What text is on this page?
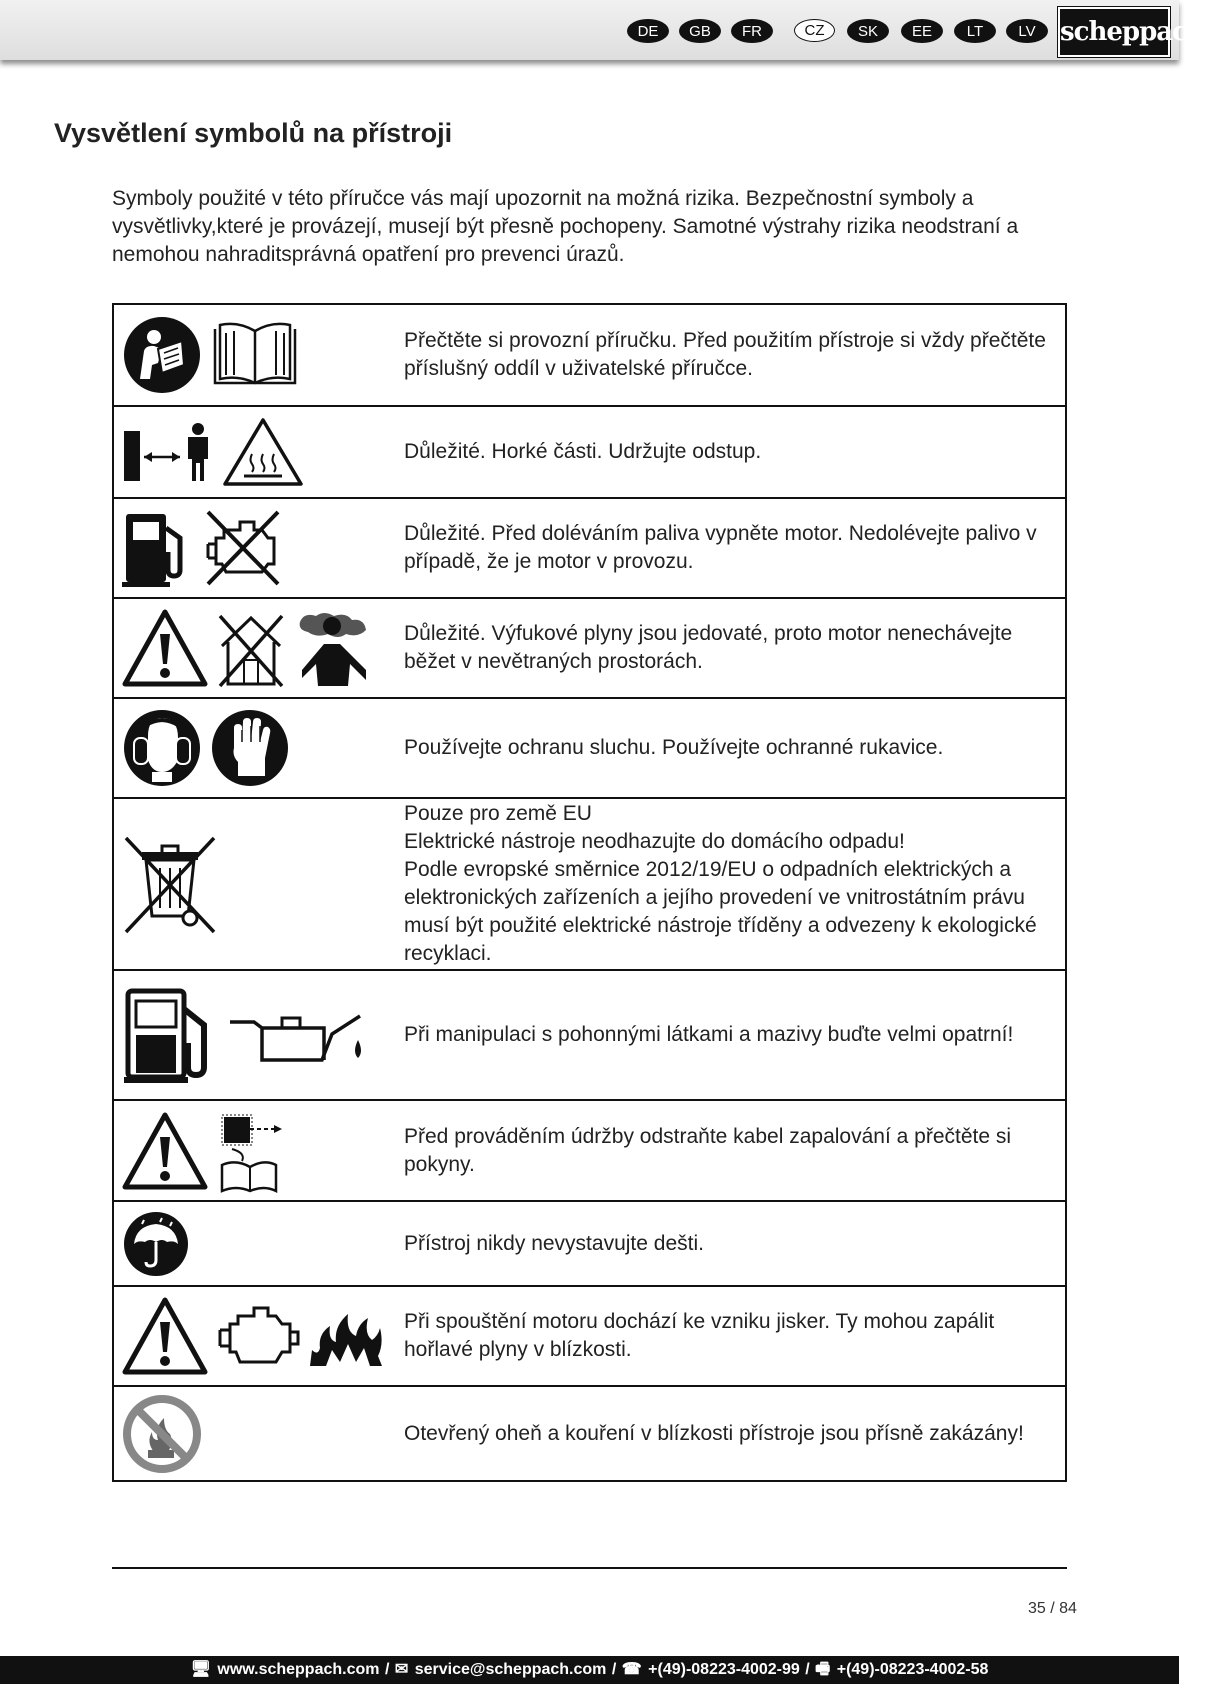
DE	GB	FR	CZ	SK	EE	LT	LV scheppach
Vysvětlení symbolů na přístroji

Symboly použité v této příručce vás mají upozornit na možná rizika. Bezpečnostní symboly a vysvětlivky,které je provázejí, musejí být přesně pochopeny. Samotné výstrahy rizika neodstraní a nemohou nahraditsprávná opatření pro prevenci úrazů.

Přečtěte si provozní příručku. Před použitím přístroje si vždy přečtěte příslušný oddíl v uživatelské příručce.

Důležité. Horké části. Udržujte odstup.

Důležité. Před doléváním paliva vypněte motor. Nedolévejte palivo v případě, že je motor v provozu.

Důležité. Výfukové plyny jsou jedovaté, proto motor nenechávejte běžet v nevětraných prostorách.

Používejte ochranu sluchu. Používejte ochranné rukavice.

Pouze pro země EU
Elektrické nástroje neodhazujte do domácího odpadu!
Podle evropské směrnice 2012/19/EU o odpadních elektrických a elektronických zařízeních a jejího provedení ve vnitrostátním právu musí být použité elektrické nástroje tříděny a odvezeny k ekologické recyklaci.

Při manipulaci s pohonnými látkami a mazivy buďte velmi opatrní!

Před prováděním údržby odstraňte kabel zapalování a přečtěte si pokyny.

Přístroj nikdy nevystavujte dešti.

Při spouštění motoru dochází ke vzniku jisker. Ty mohou zapálit hořlavé plyny v blízkosti.

Otevřený oheň a kouření v blízkosti přístroje jsou přísně zakázány!
35 / 84
🖥 www.scheppach.com / ✉ service@scheppach.com / ☎ +(49)-08223-4002-99 / 🖷 +(49)-08223-4002-58
